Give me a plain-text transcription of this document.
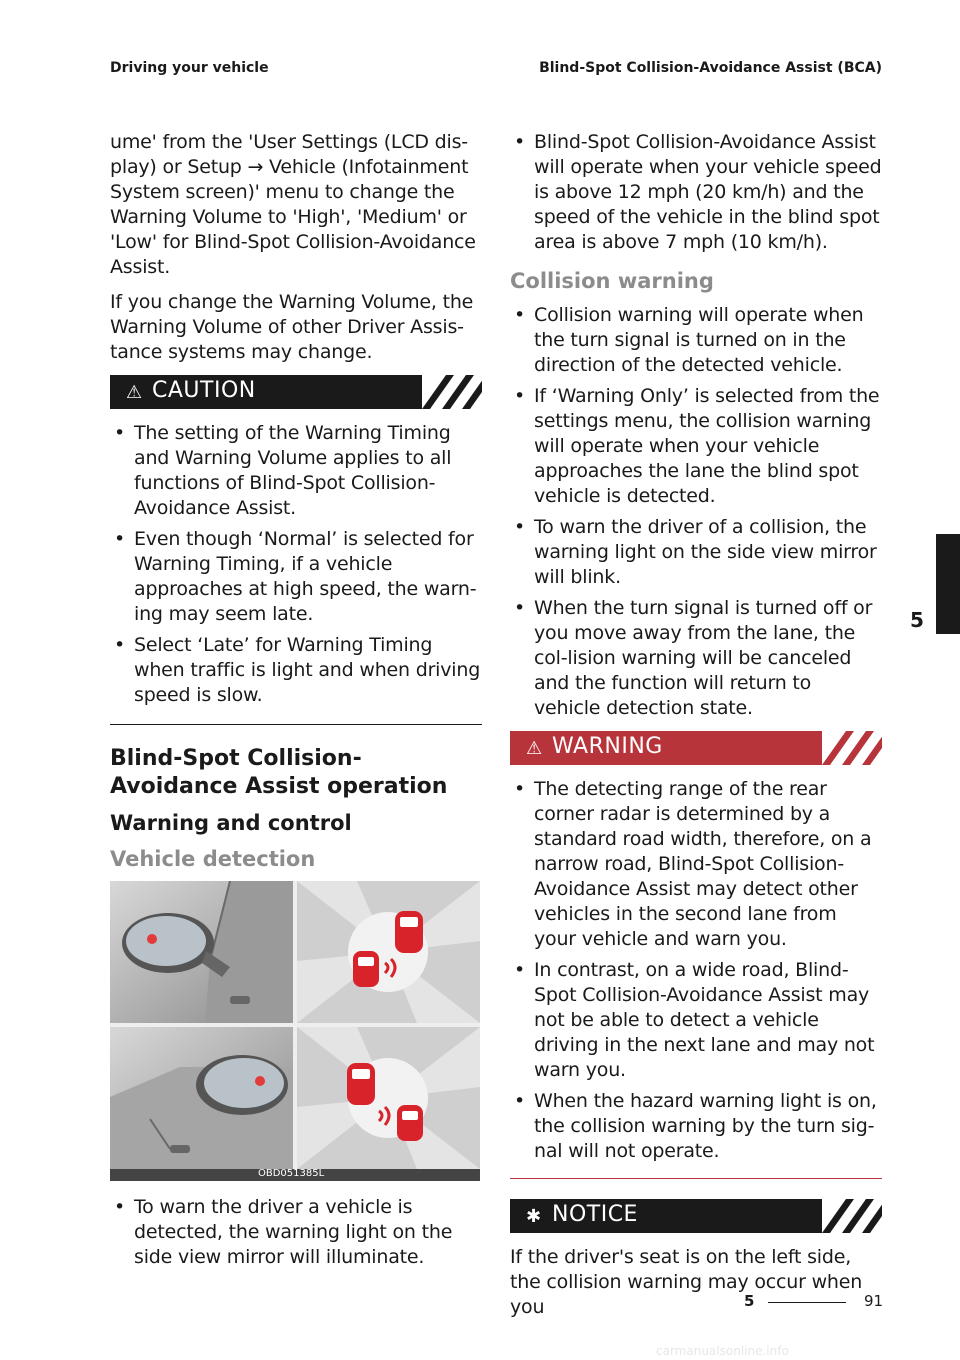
Driving your vehicle	Blind-Spot Collision-Avoidance Assist (BCA)

ume' from the 'User Settings (LCD dis-play) or Setup → Vehicle (Infotainment System screen)' menu to change the Warning Volume to 'High', 'Medium' or 'Low' for Blind-Spot Collision-Avoidance Assist.

If you change the Warning Volume, the Warning Volume of other Driver Assis-tance systems may change.

⚠ CAUTION
• The setting of the Warning Timing and Warning Volume applies to all functions of Blind-Spot Collision-Avoidance Assist.
• Even though ‘Normal’ is selected for Warning Timing, if a vehicle approaches at high speed, the warn-ing may seem late.
• Select ‘Late’ for Warning Timing when traffic is light and when driving speed is slow.
Blind-Spot Collision-Avoidance Assist operation
Warning and control
Vehicle detection
OBD051385L
• To warn the driver a vehicle is detected, the warning light on the side view mirror will illuminate.
• Blind-Spot Collision-Avoidance Assist will operate when your vehicle speed is above 12 mph (20 km/h) and the speed of the vehicle in the blind spot area is above 7 mph (10 km/h).
Collision warning
• Collision warning will operate when the turn signal is turned on in the direction of the detected vehicle.
• If ‘Warning Only’ is selected from the settings menu, the collision warning will operate when your vehicle approaches the lane the blind spot vehicle is detected.
• To warn the driver of a collision, the warning light on the side view mirror will blink.
• When the turn signal is turned off or you move away from the lane, the col-lision warning will be canceled and the function will return to vehicle detection state.
⚠ WARNING
• The detecting range of the rear corner radar is determined by a standard road width, therefore, on a narrow road, Blind-Spot Collision-Avoidance Assist may detect other vehicles in the second lane from your vehicle and warn you.
• In contrast, on a wide road, Blind-Spot Collision-Avoidance Assist may not be able to detect a vehicle driving in the next lane and may not warn you.
• When the hazard warning light is on, the collision warning by the turn sig-nal will not operate.
✱ NOTICE

If the driver's seat is on the left side, the collision warning may occur when you

5
5	91
carmanualsonline.info
